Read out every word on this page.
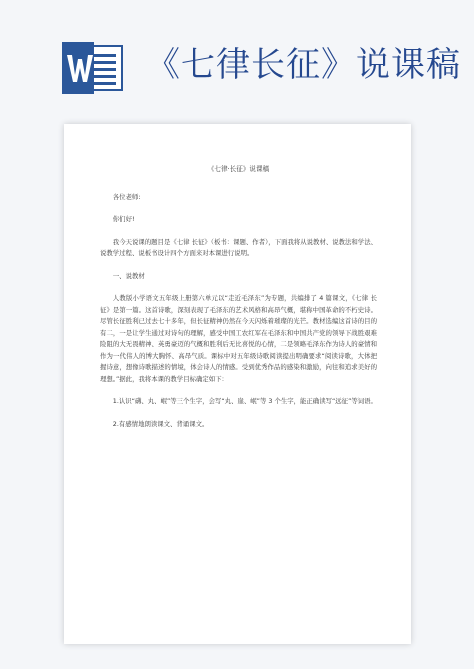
《七律长征》说课稿
《七律·长征》说课稿
各位老师:
你们好!

我今天说课的题目是《七律 长征》（板书：课题、作者），下面我将从说教材、说教法和学法、说教学过程、说板书设计四个方面来对本课进行说明。

一、说教材

人教版小学语文五年级上册第六单元以“走近毛泽东”为专题，共编排了 4 篇课文，《七律 长征》是第一篇。这首诗歌，深刻表现了毛泽东的艺术风格和高昂气概，堪称中国革命的不朽史诗。尽管长征胜利已过去七十多年，但长征精神仍然在今天闪烁着璀璨的光芒。教材选编这首诗的目的有二，一是让学生通过对诗句的理解，感受中国工农红军在毛泽东和中国共产党的领导下战胜艰难险阻的大无畏精神、英勇豪迈的气概和胜利后无比喜悦的心情，二是领略毛泽东作为诗人的豪情和作为一代伟人的博大胸怀、高昂气质。课标中对五年级诗歌阅读提出明确要求“阅读诗歌，大体把握诗意，想像诗歌描述的情境，体会诗人的情感。受到优秀作品的感染和激励，向往和追求美好的理想。”据此，我将本课的教学目标确定如下：

1.认识“礴、丸、岷”等三个生字，会写“丸、崖、岷”等 3 个生字，能正确读写“远征”等词语。

2.有感情地朗读课文、背诵课文。
